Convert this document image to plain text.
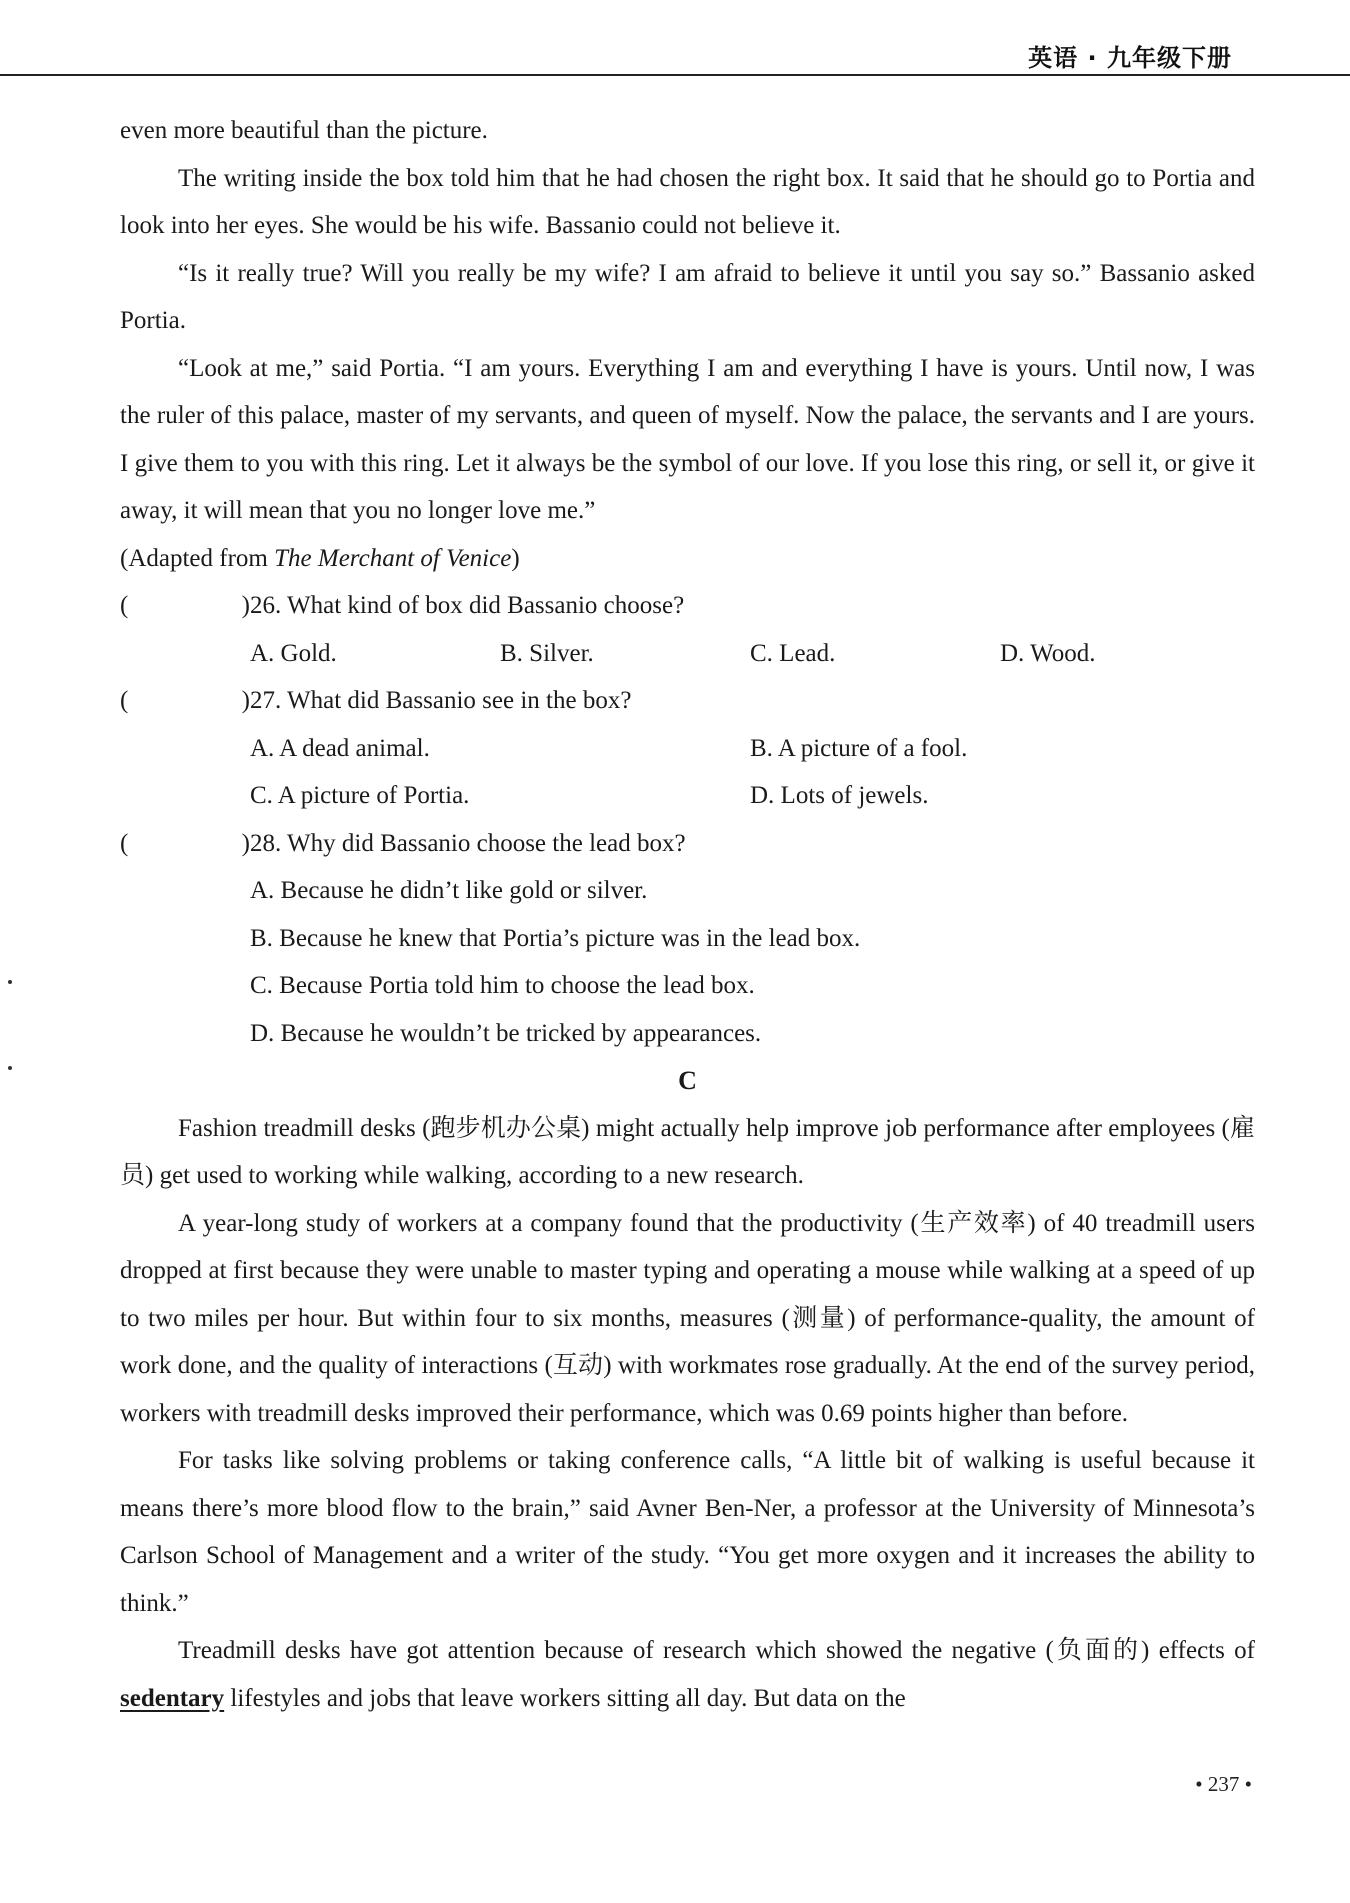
英语 · 九年级下册

even more beautiful than the picture.

The writing inside the box told him that he had chosen the right box. It said that he should go to Portia and look into her eyes. She would be his wife. Bassanio could not believe it.

“Is it really true? Will you really be my wife? I am afraid to believe it until you say so.” Bassanio asked Portia.

“Look at me,” said Portia. “I am yours. Everything I am and everything I have is yours. Until now, I was the ruler of this palace, master of my servants, and queen of myself. Now the palace, the servants and I are yours. I give them to you with this ring. Let it always be the symbol of our love. If you lose this ring, or sell it, or give it away, it will mean that you no longer love me.”

(Adapted from The Merchant of Venice)

(	) 26. What kind of box did Bassanio choose?
A. Gold.	B. Silver.	C. Lead.	D. Wood.
(	) 27. What did Bassanio see in the box?
A. A dead animal.	B. A picture of a fool.
C. A picture of Portia.	D. Lots of jewels.
(	) 28. Why did Bassanio choose the lead box?
A. Because he didn’t like gold or silver.
B. Because he knew that Portia’s picture was in the lead box.
C. Because Portia told him to choose the lead box.
D. Because he wouldn’t be tricked by appearances.
C

Fashion treadmill desks (跑步机办公桌) might actually help improve job performance after employees (雇员) get used to working while walking, according to a new research.

A year-long study of workers at a company found that the productivity (生产效率) of 40 treadmill users dropped at first because they were unable to master typing and operating a mouse while walking at a speed of up to two miles per hour. But within four to six months, measures (测量) of performance-quality, the amount of work done, and the quality of interactions (互动) with workmates rose gradually. At the end of the survey period, workers with treadmill desks improved their performance, which was 0.69 points higher than before.

For tasks like solving problems or taking conference calls, “A little bit of walking is useful because it means there’s more blood flow to the brain,” said Avner Ben-Ner, a professor at the University of Minnesota’s Carlson School of Management and a writer of the study. “You get more oxygen and it increases the ability to think.”

Treadmill desks have got attention because of research which showed the negative (负面的) effects of sedentary lifestyles and jobs that leave workers sitting all day. But data on the

• 237 •
